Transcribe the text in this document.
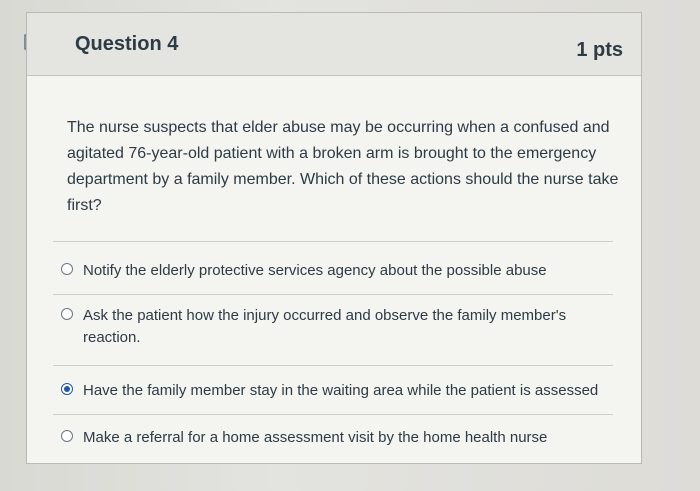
Question 4	1 pts
The nurse suspects that elder abuse may be occurring when a confused and agitated 76-year-old patient with a broken arm is brought to the emergency department by a family member. Which of these actions should the nurse take first?
Notify the elderly protective services agency about the possible abuse
Ask the patient how the injury occurred and observe the family member's reaction.
Have the family member stay in the waiting area while the patient is assessed
Make a referral for a home assessment visit by the home health nurse
